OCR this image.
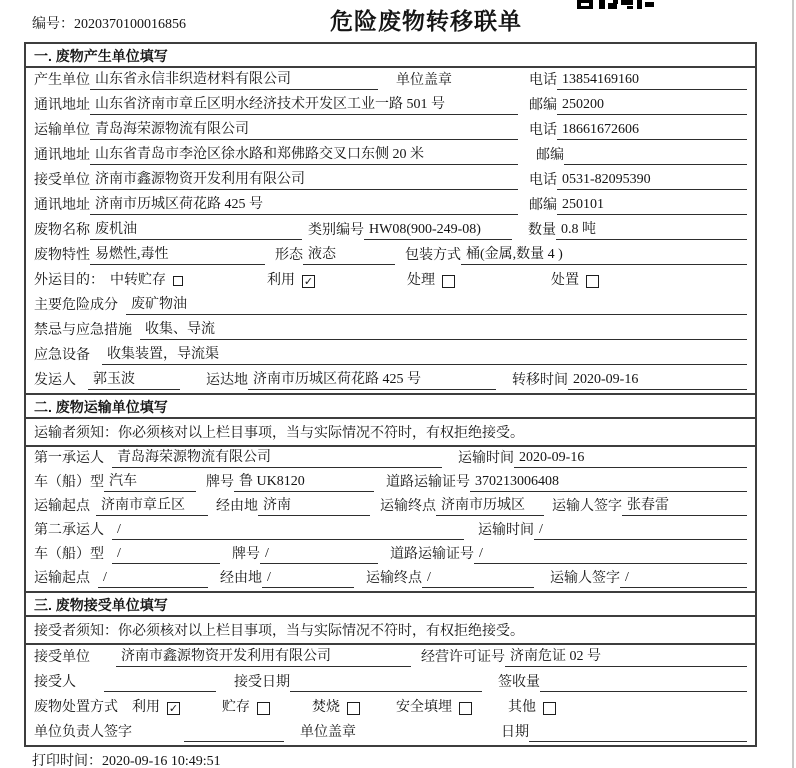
编号：2020370100016856	危险废物转移联单
一. 废物产生单位填写
产生单位 山东省永信非织造材料有限公司	单位盖章	电话 13854169160
通讯地址 山东省济南市章丘区明水经济技术开发区工业一路 501 号	邮编 250200
运输单位 青岛海荣源物流有限公司	电话 18661672606
通讯地址 山东省青岛市李沧区徐水路和郑佛路交叉口东侧 20 米	邮编
接受单位 济南市鑫源物资开发利用有限公司	电话 0531-82095390
通讯地址 济南市历城区荷花路 425 号	邮编 250101
废物名称 废机油	类别编号 HW08(900-249-08)	数量 0.8 吨
废物特性 易燃性,毒性	形态 液态	包装方式 桶(金属,数量 4 )
外运目的： 中转贮存	利用 ✓	处理	处置
主要危险成分 废矿物油
禁忌与应急措施 收集、导流
应急设备	收集装置，导流渠
发运人	郭玉波	运达地 济南市历城区荷花路 425 号	转移时间 2020-09-16
二. 废物运输单位填写
运输者须知：你必须核对以上栏目事项，当与实际情况不符时，有权拒绝接受。
第一承运人 青岛海荣源物流有限公司	运输时间 2020-09-16
车（船）型 汽车	牌号 鲁 UK8120	道路运输证号 370213006408
运输起点 济南市章丘区	经由地 济南	运输终点 济南市历城区	运输人签字 张春雷
第二承运人 /	运输时间 /
车（船）型 /	牌号 /	道路运输证号 /
运输起点 /	经由地 /	运输终点 /	运输人签字 /
三. 废物接受单位填写
接受者须知：你必须核对以上栏目事项，当与实际情况不符时，有权拒绝接受。
接受单位	济南市鑫源物资开发利用有限公司	经营许可证号 济南危证 02 号
接受人	接受日期	签收量
废物处置方式 利用 ✓	贮存	焚烧	安全填埋	其他
单位负责人签字	单位盖章	日期
打印时间：2020-09-16 10:49:51
